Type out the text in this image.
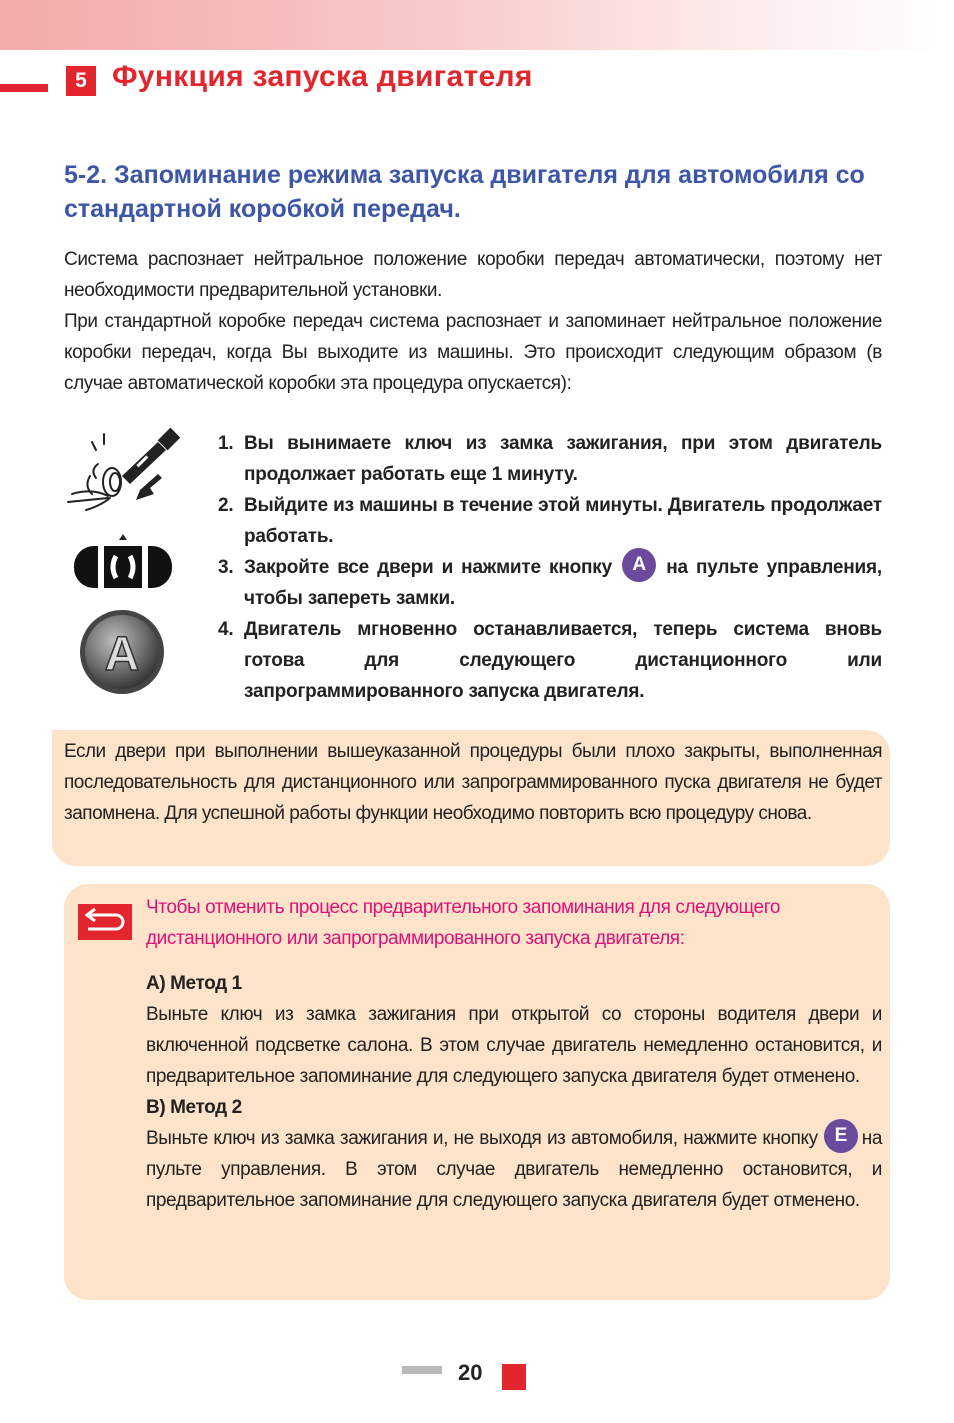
5 Функция запуска двигателя
5-2. Запоминание режима запуска двигателя для автомобиля со стандартной коробкой передач.
Система распознает нейтральное положение коробки передач автоматически, поэтому нет необходимости предварительной установки.
При стандартной коробке передач система распознает и запоминает нейтральное положение коробки передач, когда Вы выходите из машины. Это происходит следующим образом (в случае автоматической коробки эта процедура опускается):
A
1. Вы вынимаете ключ из замка зажигания, при этом двигатель продолжает работать еще 1 минуту.
2. Выйдите из машины в течение этой минуты. Двигатель продолжает работать.
3. Закройте все двери и нажмите кнопку A на пульте управления, чтобы запереть замки.
4. Двигатель мгновенно останавливается, теперь система вновь готова для следующего дистанционного или запрограммированного запуска двигателя.
Если двери при выполнении вышеуказанной процедуры были плохо закрыты, выполненная последовательность для дистанционного или запрограммированного пуска двигателя не будет запомнена. Для успешной работы функции необходимо повторить всю процедуру снова.
Чтобы отменить процесс предварительного запоминания для следующего дистанционного или запрограммированного запуска двигателя:
А) Метод 1
Выньте ключ из замка зажигания при открытой со стороны водителя двери и включенной подсветке салона. В этом случае двигатель немедленно остановится, и предварительное запоминание для следующего запуска двигателя будет отменено.
В) Метод 2
Выньте ключ из замка зажигания и, не выходя из автомобиля, нажмите кнопку E на пульте управления. В этом случае двигатель немедленно остановится, и предварительное запоминание для следующего запуска двигателя будет отменено.
20
